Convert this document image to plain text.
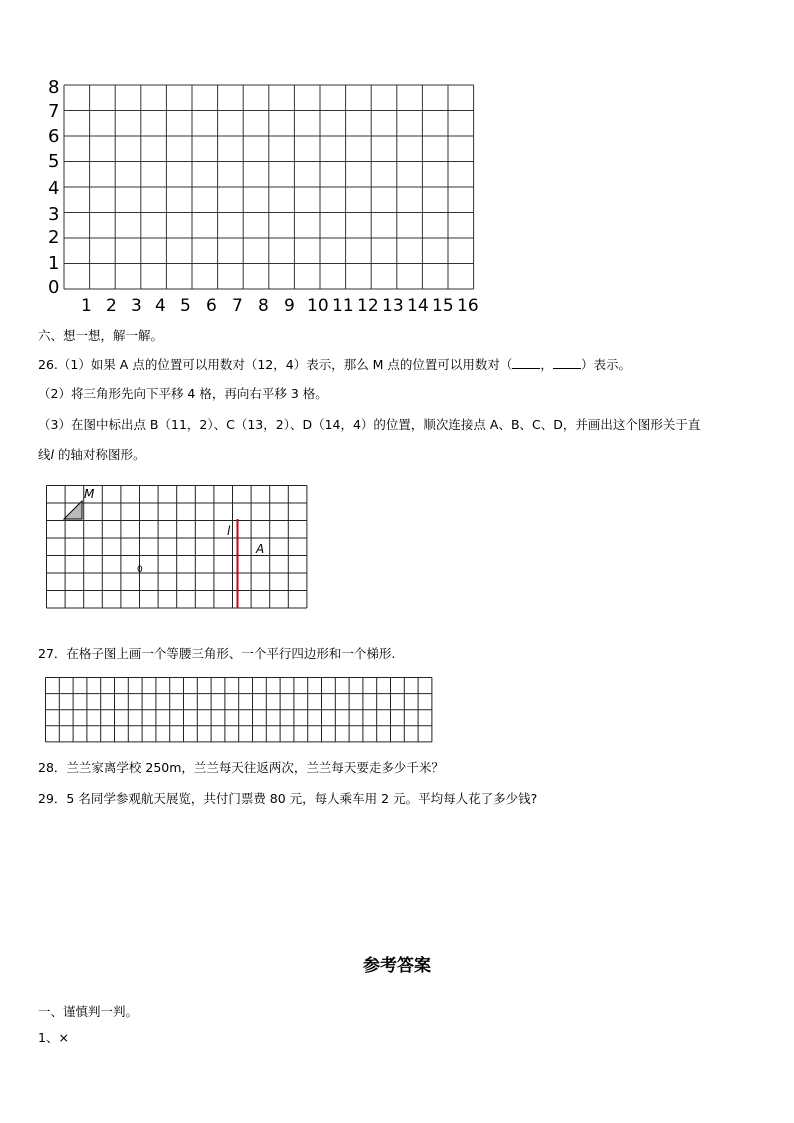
0
1
2
3
4
5
6
7
8
1 2 3 4 5 6 7 8 9 10 11 12 13 14 15 16
六、想一想，解一解。
26.（1）如果 A 点的位置可以用数对（12，4）表示，那么 M 点的位置可以用数对（ ， ）表示。
（2）将三角形先向下平移 4 格，再向右平移 3 格。
（3）在图中标出点 B（11，2）、C（13，2）、D（14，4）的位置，顺次连接点 A、B、C、D，并画出这个图形关于直
线l 的轴对称图形。
M
l
A
0
27．在格子图上画一个等腰三角形、一个平行四边形和一个梯形.
28．兰兰家离学校 250m，兰兰每天往返两次，兰兰每天要走多少千米？
29．5 名同学参观航天展览，共付门票费 80 元，每人乘车用 2 元。平均每人花了多少钱?
参考答案
一、谨慎判一判。
1、×
